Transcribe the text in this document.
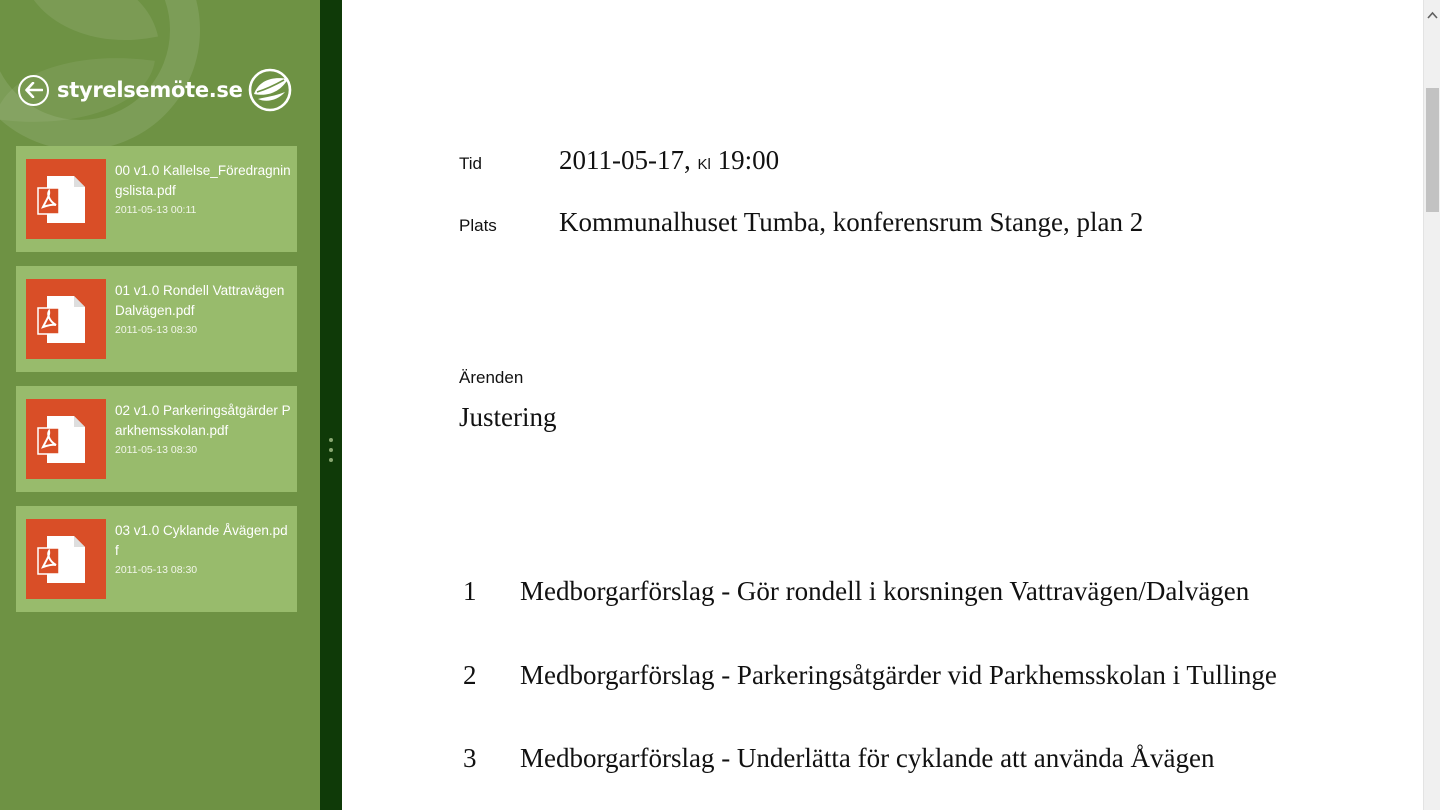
styrelsemöte.se
00 v1.0 Kallelse_Föredragningslista.pdf
2011-05-13 00:11
01 v1.0 Rondell Vattravägen Dalvägen.pdf
2011-05-13 08:30
02 v1.0 Parkeringsåtgärder Parkhemsskolan.pdf
2011-05-13 08:30
03 v1.0 Cyklande Åvägen.pdf
2011-05-13 08:30
Tid	2011-05-17, Kl 19:00
Plats Kommunalhuset Tumba, konferensrum Stange, plan 2
Ärenden
Justering
1 Medborgarförslag - Gör rondell i korsningen Vattravägen/Dalvägen
2 Medborgarförslag - Parkeringsåtgärder vid Parkhemsskolan i Tullinge
3 Medborgarförslag - Underlätta för cyklande att använda Åvägen
